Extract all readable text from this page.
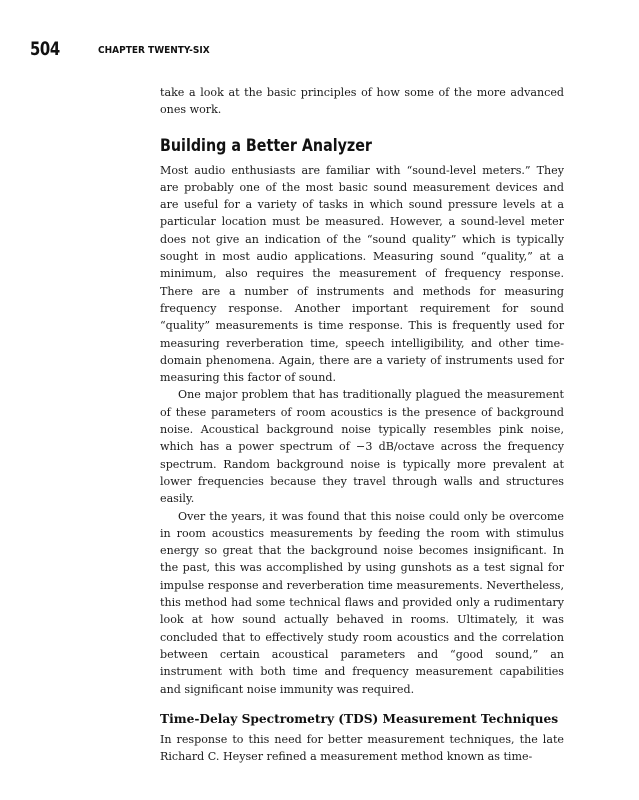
504	CHAPTER TWENTY-SIX

take a look at the basic principles of how some of the more advanced ones work.

Building a Better Analyzer

Most audio enthusiasts are familiar with “sound-level meters.” They are probably one of the most basic sound measurement devices and are useful for a variety of tasks in which sound pressure levels at a particular location must be measured. However, a sound-level meter does not give an indication of the “sound quality” which is typically sought in most audio applications. Measuring sound “quality,” at a minimum, also requires the measurement of frequency response. There are a number of instruments and methods for measuring frequency response. Another important requirement for sound “quality” measurements is time response. This is frequently used for measuring reverberation time, speech intelligibility, and other time-domain phenomena. Again, there are a variety of instruments used for measuring this factor of sound.

One major problem that has traditionally plagued the measurement of these parameters of room acoustics is the presence of background noise. Acoustical background noise typically resembles pink noise, which has a power spectrum of −3 dB/octave across the frequency spectrum. Random background noise is typically more prevalent at lower frequencies because they travel through walls and structures easily.

Over the years, it was found that this noise could only be overcome in room acoustics measurements by feeding the room with stimulus energy so great that the background noise becomes insignificant. In the past, this was accomplished by using gunshots as a test signal for impulse response and reverberation time measurements. Nevertheless, this method had some technical flaws and provided only a rudimentary look at how sound actually behaved in rooms. Ultimately, it was concluded that to effectively study room acoustics and the correlation between certain acoustical parameters and “good sound,” an instrument with both time and frequency measurement capabilities and significant noise immunity was required.

Time-Delay Spectrometry (TDS) Measurement Techniques

In response to this need for better measurement techniques, the late Richard C. Heyser refined a measurement method known as time-
